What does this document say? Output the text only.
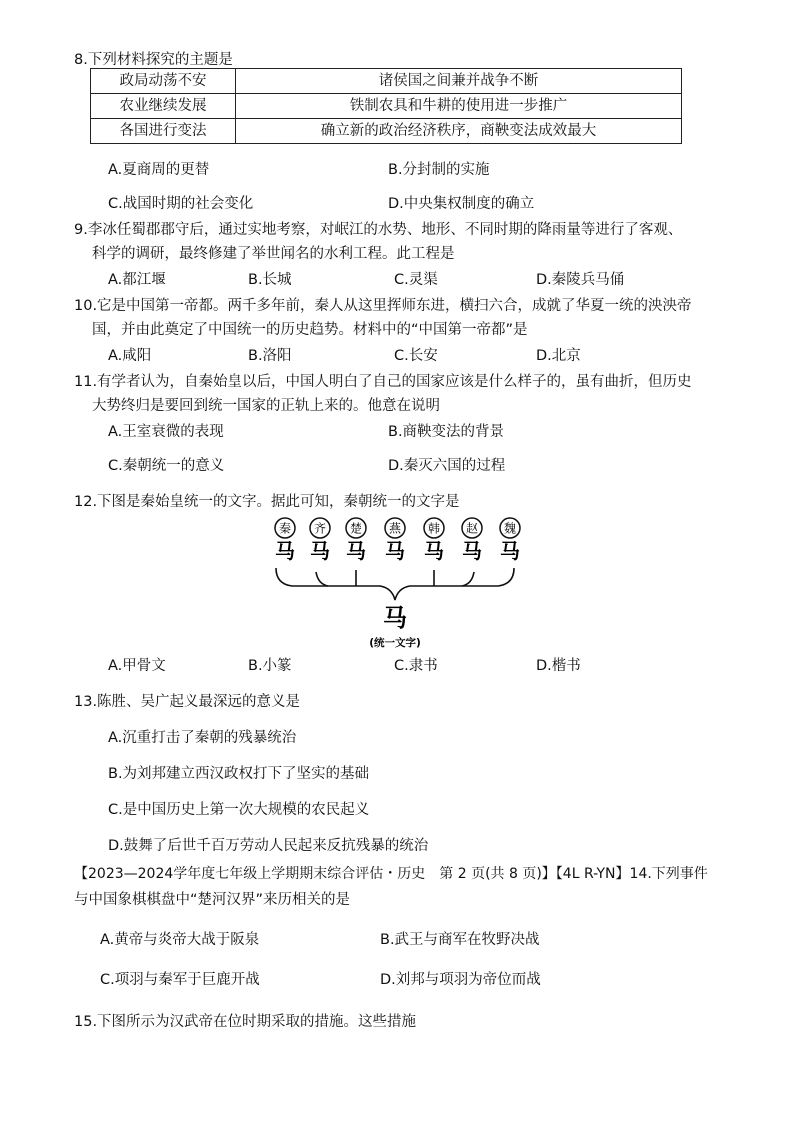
8.下列材料探究的主题是
政局动荡不安	诸侯国之间兼并战争不断
农业继续发展	铁制农具和牛耕的使用进一步推广
各国进行变法	确立新的政治经济秩序，商鞅变法成效最大
A.夏商周的更替	B.分封制的实施
C.战国时期的社会变化	D.中央集权制度的确立
9.李冰任蜀郡郡守后，通过实地考察，对岷江的水势、地形、不同时期的降雨量等进行了客观、
科学的调研，最终修建了举世闻名的水利工程。此工程是
A.都江堰	B.长城	C.灵渠	D.秦陵兵马俑
10.它是中国第一帝都。两千多年前，秦人从这里挥师东进，横扫六合，成就了华夏一统的泱泱帝
国，并由此奠定了中国统一的历史趋势。材料中的“中国第一帝都”是
A.咸阳	B.洛阳	C.长安	D.北京
11.有学者认为，自秦始皇以后，中国人明白了自己的国家应该是什么样子的，虽有曲折，但历史
大势终归是要回到统一国家的正轨上来的。他意在说明
A.王室衰微的表现	B.商鞅变法的背景
C.秦朝统一的意义	D.秦灭六国的过程
12.下图是秦始皇统一的文字。据此可知，秦朝统一的文字是
秦 齐 楚 燕 韩 赵 魏
马 马 马 马 马 马 马
马
(统一文字)
A.甲骨文	B.小篆	C.隶书	D.楷书
13.陈胜、吴广起义最深远的意义是
A.沉重打击了秦朝的残暴统治
B.为刘邦建立西汉政权打下了坚实的基础
C.是中国历史上第一次大规模的农民起义
D.鼓舞了后世千百万劳动人民起来反抗残暴的统治
【2023—2024学年度七年级上学期期末综合评估・历史　第 2 页(共 8 页)】【4L R-YN】14.下列事件
与中国象棋棋盘中“楚河汉界”来历相关的是
A.黄帝与炎帝大战于阪泉	B.武王与商军在牧野决战
C.项羽与秦军于巨鹿开战	D.刘邦与项羽为帝位而战
15.下图所示为汉武帝在位时期采取的措施。这些措施
